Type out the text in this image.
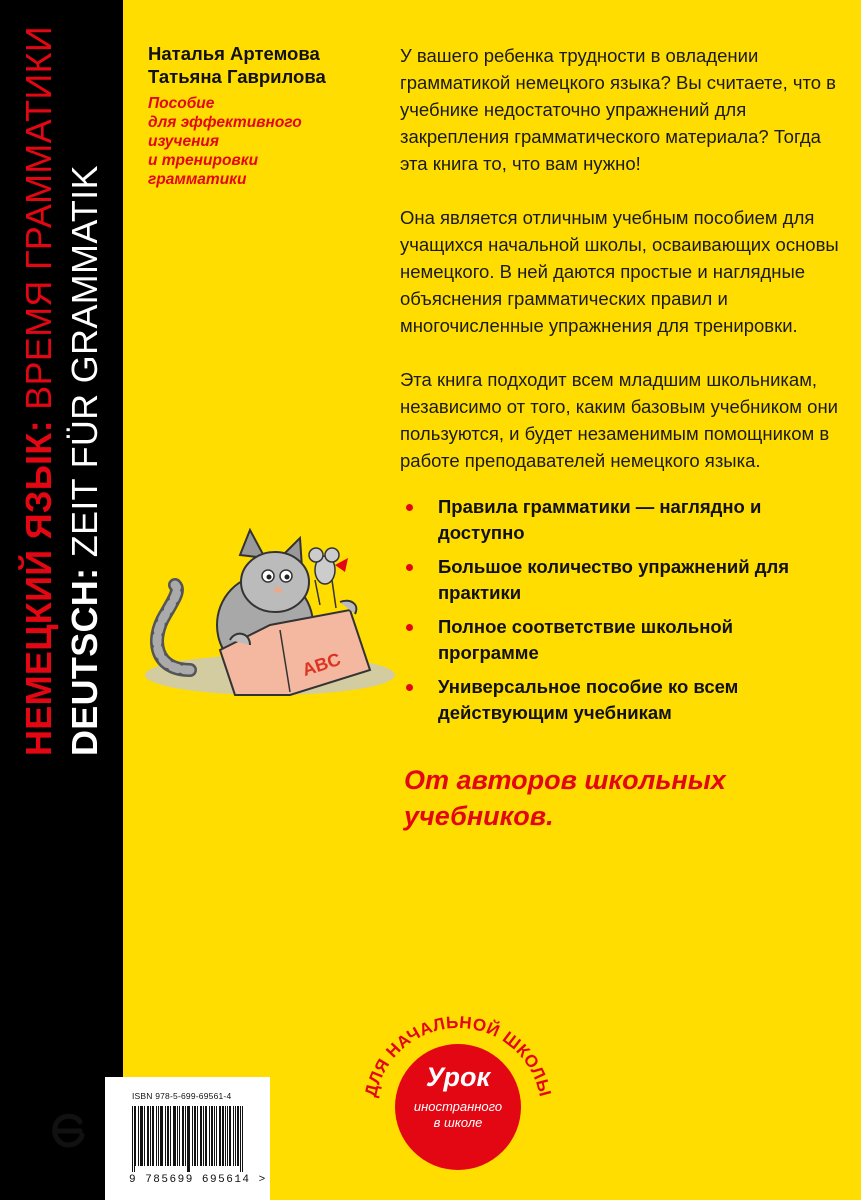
НЕМЕЦКИЙ ЯЗЫК: ВРЕМЯ ГРАММАТИКИ
DEUTSCH: ZEIT FÜR GRAMMATIK
Наталья Артемова
Татьяна Гаврилова
Пособие
для эффективного
изучения
и тренировки
грамматики

У вашего ребенка трудности в овладении грамматикой немецкого языка? Вы считаете, что в учебнике недостаточно упражнений для закрепления грамматического материала? Тогда эта книга то, что вам нужно!

Она является отличным учебным пособием для учащихся начальной школы, осваивающих основы немецкого. В ней даются простые и наглядные объяснения грамматических правил и многочисленные упражнения для тренировки.

Эта книга подходит всем младшим школьникам, независимо от того, каким базовым учебником они пользуются, и будет незаменимым помощником в работе преподавателей немецкого языка.

ABC
Правила грамматики — наглядно и доступно
Большое количество упражнений для практики
Полное соответствие школьной программе
Универсальное пособие ко всем действующим учебникам
От авторов школьных учебников.
ISBN 978-5-699-69561-4
9 785699 695614 >
ДЛЯ НАЧАЛЬНОЙ ШКОЛЫ
Урок
иностранного
в школе
